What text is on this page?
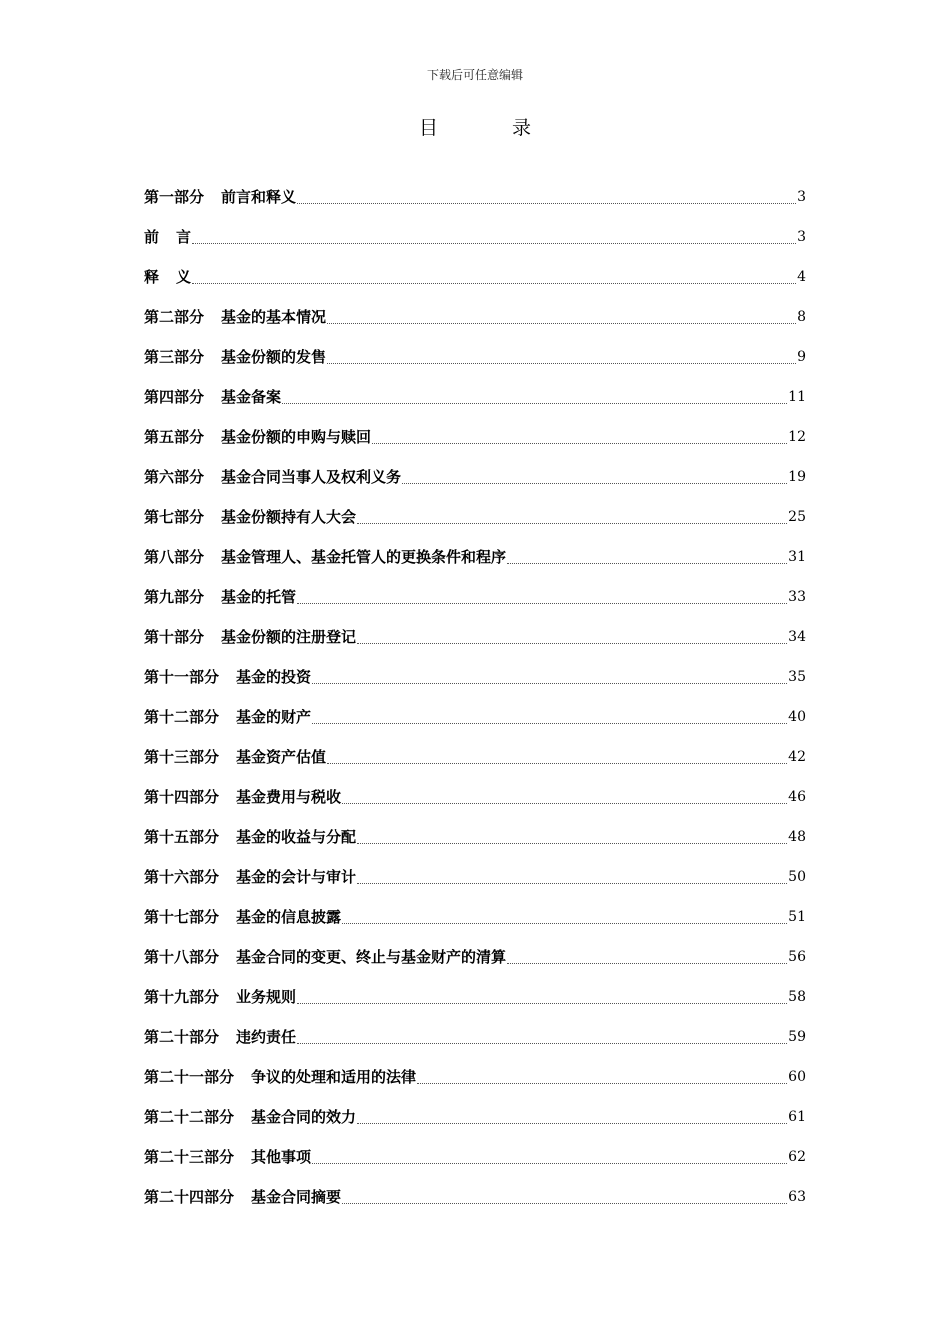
下载后可任意编辑
目 录
第一部分 前言和释义	3
前 言	3
释 义	4
第二部分 基金的基本情况	8
第三部分 基金份额的发售	9
第四部分 基金备案	11
第五部分 基金份额的申购与赎回	12
第六部分 基金合同当事人及权利义务	19
第七部分 基金份额持有人大会	25
第八部分 基金管理人、基金托管人的更换条件和程序	31
第九部分 基金的托管	33
第十部分 基金份额的注册登记	34
第十一部分 基金的投资	35
第十二部分 基金的财产	40
第十三部分 基金资产估值	42
第十四部分 基金费用与税收	46
第十五部分 基金的收益与分配	48
第十六部分 基金的会计与审计	50
第十七部分 基金的信息披露	51
第十八部分 基金合同的变更、终止与基金财产的清算	56
第十九部分 业务规则	58
第二十部分 违约责任	59
第二十一部分 争议的处理和适用的法律	60
第二十二部分 基金合同的效力	61
第二十三部分 其他事项	62
第二十四部分 基金合同摘要	63
